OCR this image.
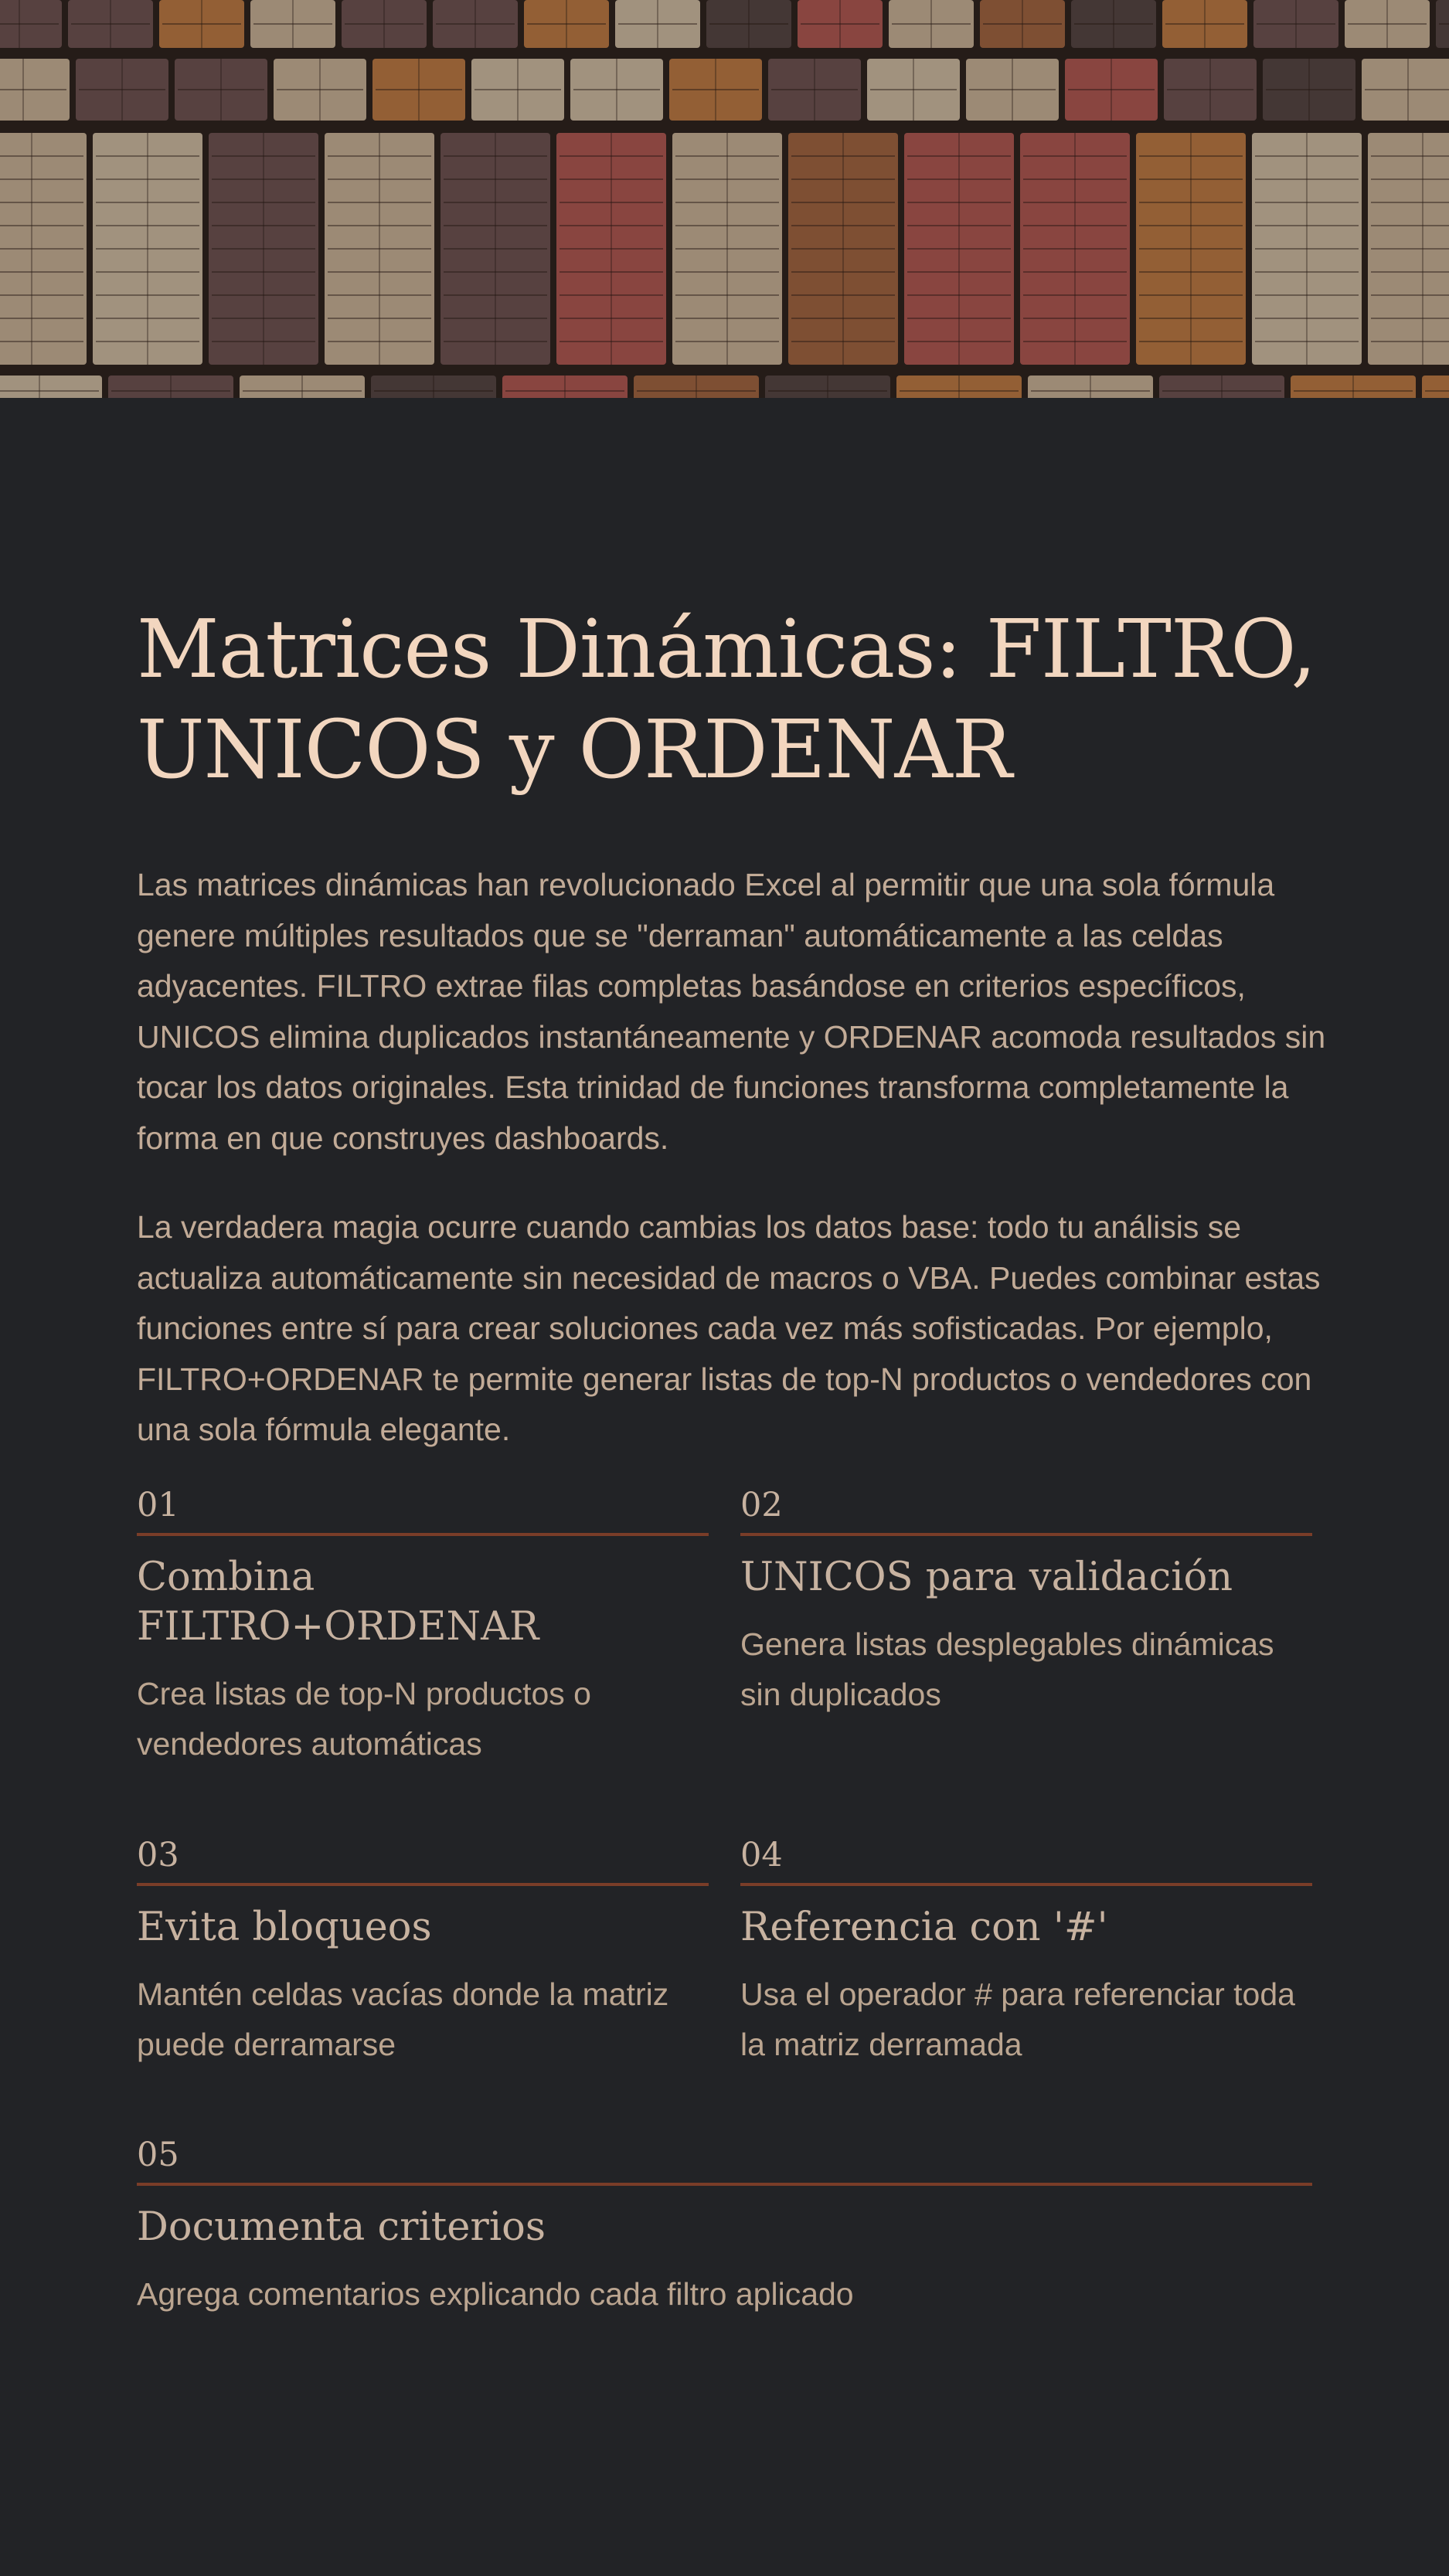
Matrices Dinámicas: FILTRO, UNICOS y ORDENAR

Las matrices dinámicas han revolucionado Excel al permitir que una sola fórmula genere múltiples resultados que se "derraman" automáticamente a las celdas adyacentes. FILTRO extrae filas completas basándose en criterios específicos, UNICOS elimina duplicados instantáneamente y ORDENAR acomoda resultados sin tocar los datos originales. Esta trinidad de funciones transforma completamente la forma en que construyes dashboards.

La verdadera magia ocurre cuando cambias los datos base: todo tu análisis se actualiza automáticamente sin necesidad de macros o VBA. Puedes combinar estas funciones entre sí para crear soluciones cada vez más sofisticadas. Por ejemplo, FILTRO+ORDENAR te permite generar listas de top-N productos o vendedores con una sola fórmula elegante.

01
Combina FILTRO+ORDENAR
Crea listas de top-N productos o vendedores automáticas
02
UNICOS para validación
Genera listas desplegables dinámicas sin duplicados
03
Evita bloqueos
Mantén celdas vacías donde la matriz puede derramarse
04
Referencia con '#'
Usa el operador # para referenciar toda la matriz derramada
05
Documenta criterios
Agrega comentarios explicando cada filtro aplicado
